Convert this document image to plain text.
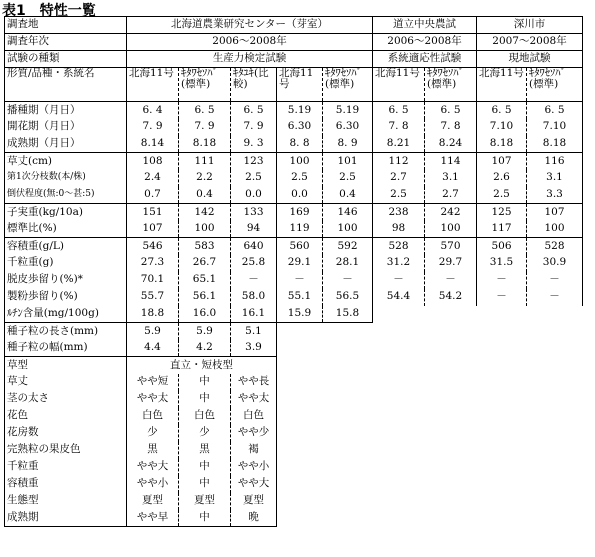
表1　特性一覧
調査地	北海道農業研究センター（芽室）					道立中央農試		深川市	
調査年次	2006～2008年					2006～2008年		2007～2008年	
試験の種類	生産力検定試験					系統適応性試験		現地試験	
形質/品種・系統名	北海11号	ｷﾀﾜｾｿﾊﾞ(標準)	ｷﾀﾕｷ(比較)	北海11号	ｷﾀﾜｾｿﾊﾞ(標準)	北海11号	ｷﾀﾜｾｿﾊﾞ(標準)	北海11号	ｷﾀﾜｾｿﾊﾞ(標準)
播種期（月日）	6. 4	6. 5	6. 5	5.19	5.19	6. 5	6. 5	6. 5	6. 5
開花期（月日）	7. 9	7. 9	7. 9	6.30	6.30	7. 8	7. 8	7.10	7.10
成熟期（月日）	8.14	8.18	9. 3	8. 8	8. 9	8.21	8.24	8.18	8.18
草丈(cm)	108	111	123	100	101	112	114	107	116
第1次分枝数(本/株)	2.4	2.2	2.5	2.5	2.5	2.7	3.1	2.6	3.1
倒伏程度(無:0～甚:5)	0.7	0.4	0.0	0.0	0.4	2.5	2.7	2.5	3.3
子実重(kg/10a)	151	142	133	169	146	238	242	125	107
標準比(%)	107	100	94	119	100	98	100	117	100
容積重(g/L)	546	583	640	560	592	528	570	506	528
千粒重(g)	27.3	26.7	25.8	29.1	28.1	31.2	29.7	31.5	30.9
脱皮歩留り(%)*	70.1	65.1	－	－	－	－	－	－	－
製粉歩留り(%)	55.7	56.1	58.0	55.1	56.5	54.4	54.2	－	－
ﾙﾁﾝ含量(mg/100g)	18.8	16.0	16.1	15.9	15.8				
種子粒の長さ(mm)	5.9	5.9	5.1						
種子粒の幅(mm)	4.4	4.2	3.9						
草型	直立・短枝型								
草丈	やや短	中	やや長						
茎の太さ	やや太	中	やや太						
花色	白色	白色	白色						
花房数	少	少	やや少						
完熟粒の果皮色	黒	黒	褐						
千粒重	やや大	中	やや小						
容積重	やや小	中	やや大						
生態型	夏型	夏型	夏型						
成熟期	やや早	中	晩						
